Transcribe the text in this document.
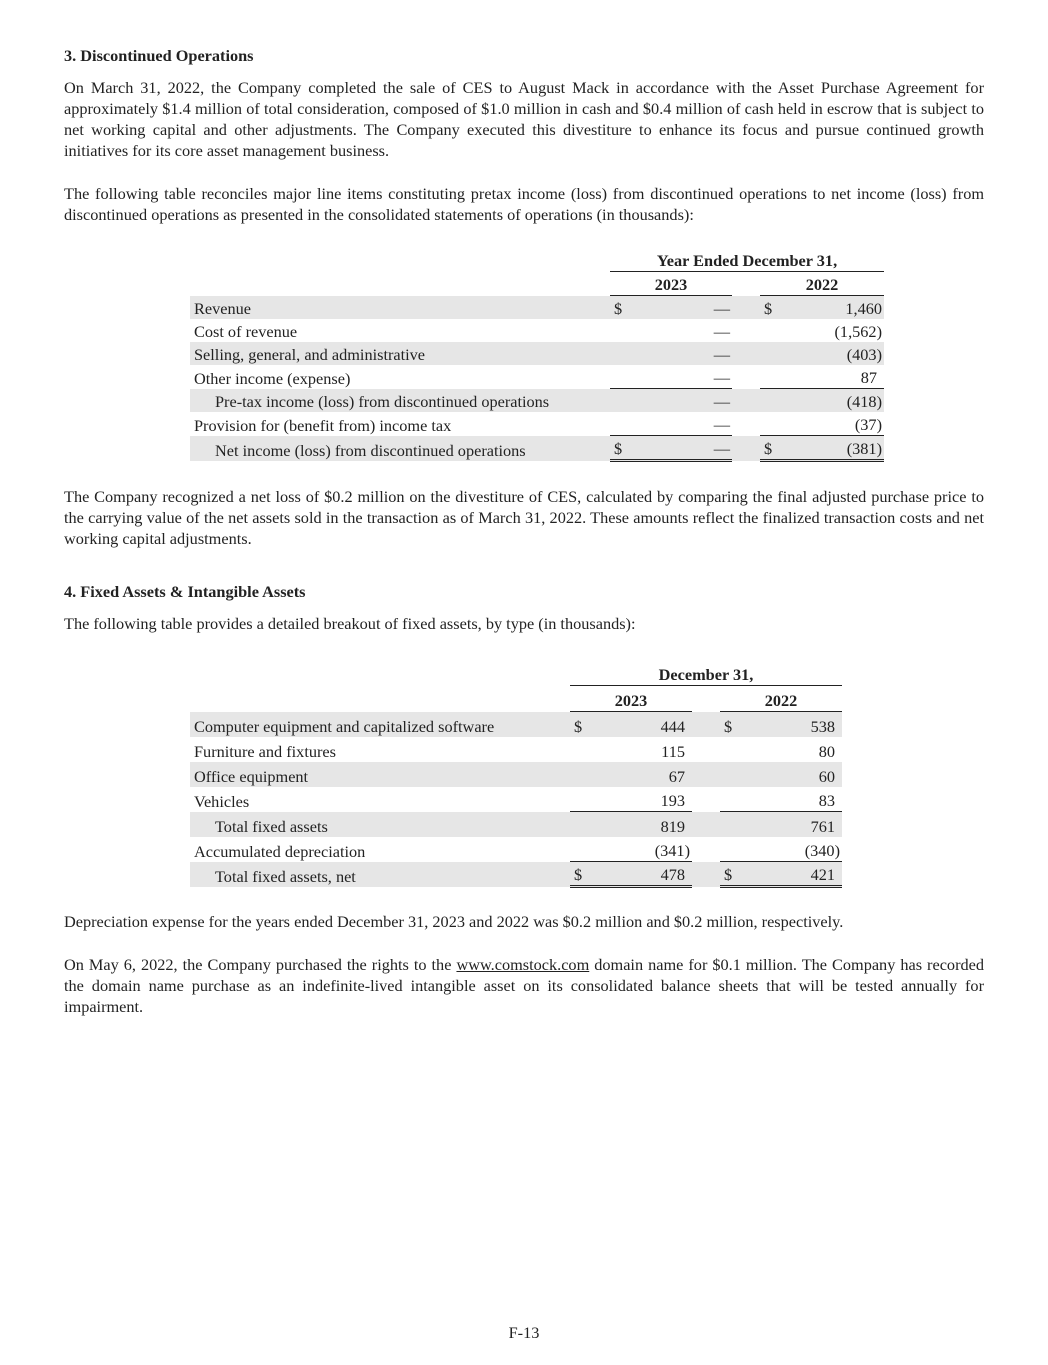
3. Discontinued Operations

On March 31, 2022, the Company completed the sale of CES to August Mack in accordance with the Asset Purchase Agreement for approximately $1.4 million of total consideration, composed of $1.0 million in cash and $0.4 million of cash held in escrow that is subject to net working capital and other adjustments. The Company executed this divestiture to enhance its focus and pursue continued growth initiatives for its core asset management business.

The following table reconciles major line items constituting pretax income (loss) from discontinued operations to net income (loss) from discontinued operations as presented in the consolidated statements of operations (in thousands):

	Year Ended December 31,				
	2023			2022	
Revenue	$	—		$	1,460
Cost of revenue		—			(1,562)
Selling, general, and administrative		—			(403)
Other income (expense)		—			87
Pre-tax income (loss) from discontinued operations		—			(418)
Provision for (benefit from) income tax		—			(37)
Net income (loss) from discontinued operations	$	—		$	(381)

The Company recognized a net loss of $0.2 million on the divestiture of CES, calculated by comparing the final adjusted purchase price to the carrying value of the net assets sold in the transaction as of March 31, 2022. These amounts reflect the finalized transaction costs and net working capital adjustments.

4. Fixed Assets & Intangible Assets

The following table provides a detailed breakout of fixed assets, by type (in thousands):

	December 31,				
	2023			2022	
Computer equipment and capitalized software	$	444		$	538
Furniture and fixtures		115			80
Office equipment		67			60
Vehicles		193			83
Total fixed assets		819			761
Accumulated depreciation		(341)			(340)
Total fixed assets, net	$	478		$	421

Depreciation expense for the years ended December 31, 2023 and 2022 was $0.2 million and $0.2 million, respectively.

On May 6, 2022, the Company purchased the rights to the www.comstock.com domain name for $0.1 million. The Company has recorded the domain name purchase as an indefinite-lived intangible asset on its consolidated balance sheets that will be tested annually for impairment.

F-13
